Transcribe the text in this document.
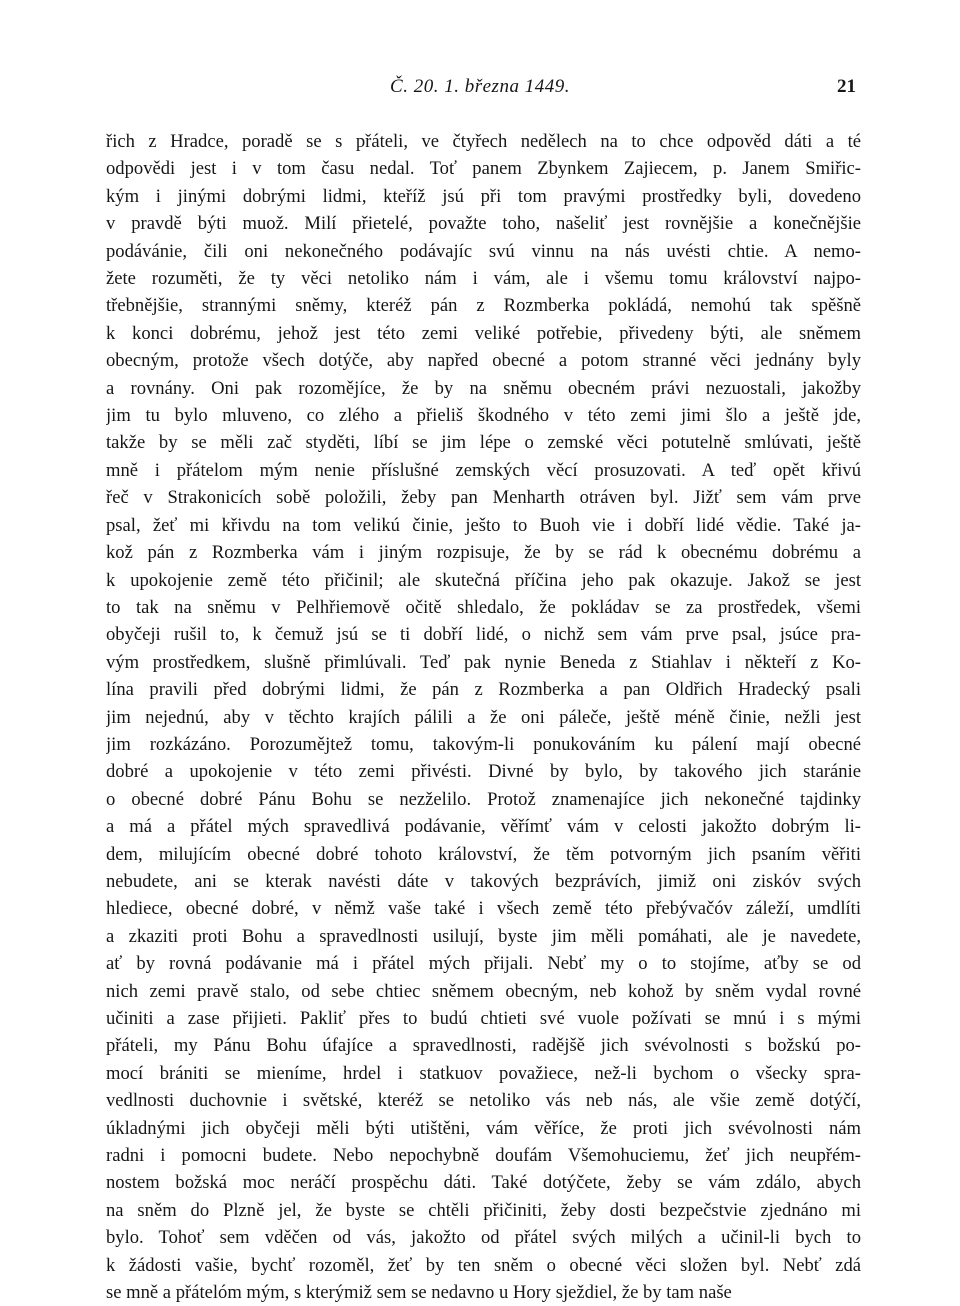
Č. 20. 1. března 1449.	21
řich z Hradce, poradě se s přáteli, ve čtyřech nedělech na to chce odpověd dáti a té
odpovědi jest i v tom času nedal. Toť panem Zbynkem Zajiecem, p. Janem Smiřic-
kým i jinými dobrými lidmi, kteříž jsú při tom pravými prostředky byli, dovedeno
v pravdě býti muož. Milí přietelé, považte toho, našeliť jest rovnějšie a konečnějšie
podávánie, čili oni nekonečného podávajíc svú vinnu na nás uvésti chtie. A nemo-
žete rozuměti, že ty věci netoliko nám i vám, ale i všemu tomu království najpo-
třebnějšie, strannými sněmy, kteréž pán z Rozmberka pokládá, nemohú tak spěšně
k konci dobrému, jehož jest této zemi veliké potřebie, přivedeny býti, ale sněmem
obecným, protože všech dotýče, aby napřed obecné a potom stranné věci jednány byly
a rovnány. Oni pak rozomějíce, že by na sněmu obecném právi nezuostali, jakožby
jim tu bylo mluveno, co zlého a přieliš škodného v této zemi jimi šlo a ještě jde,
takže by se měli zač styděti, líbí se jim lépe o zemské věci potutelně smlúvati, ještě
mně i přátelom mým nenie příslušné zemských věcí prosuzovati. A teď opět křivú
řeč v Strakonicích sobě položili, žeby pan Menharth otráven byl. Jižť sem vám prve
psal, žeť mi křivdu na tom velikú činie, ješto to Buoh vie i dobří lidé vědie. Také ja-
kož pán z Rozmberka vám i jiným rozpisuje, že by se rád k obecnému dobrému a
k upokojenie země této přičinil; ale skutečná příčina jeho pak okazuje. Jakož se jest
to tak na sněmu v Pelhřiemově očitě shledalo, že pokládav se za prostředek, všemi
obyčeji rušil to, k čemuž jsú se ti dobří lidé, o nichž sem vám prve psal, jsúce pra-
vým prostředkem, slušně přimlúvali. Teď pak nynie Beneda z Stiahlav i někteří z Ko-
lína pravili před dobrými lidmi, že pán z Rozmberka a pan Oldřich Hradecký psali
jim nejednú, aby v těchto krajích pálili a že oni páleče, ještě méně činie, nežli jest
jim rozkázáno. Porozumějtež tomu, takovým-li ponukováním ku pálení mají obecné
dobré a upokojenie v této zemi přivésti. Divné by bylo, by takového jich staránie
o obecné dobré Pánu Bohu se nezželilo. Protož znamenajíce jich nekonečné tajdinky
a má a přátel mých spravedlivá podávanie, věřímť vám v celosti jakožto dobrým li-
dem, milujícím obecné dobré tohoto království, že těm potvorným jich psaním věřiti
nebudete, ani se kterak navésti dáte v takových bezprávích, jimiž oni ziskóv svých
hlediece, obecné dobré, v němž vaše také i všech země této přebývačóv záleží, umdlíti
a zkaziti proti Bohu a spravedlnosti usilují, byste jim měli pomáhati, ale je navedete,
ať by rovná podávanie má i přátel mých přijali. Nebť my o to stojíme, aťby se od
nich zemi pravě stalo, od sebe chtiec sněmem obecným, neb kohož by sněm vydal rovné
učiniti a zase přijieti. Pakliť přes to budú chtieti své vuole požívati se mnú i s mými
přáteli, my Pánu Bohu úfajíce a spravedlnosti, radějšě jich svévolnosti s božskú po-
mocí brániti se mieníme, hrdel i statkuov považiece, než-li bychom o všecky spra-
vedlnosti duchovnie i světské, kteréž se netoliko vás neb nás, ale všie země dotýčí,
úkladnými jich obyčeji měli býti utištěni, vám věříce, že proti jich svévolnosti nám
radni i pomocni budete. Nebo nepochybně doufám Všemohuciemu, žeť jich neupřém-
nostem božská moc neráčí prospěchu dáti. Také dotýčete, žeby se vám zdálo, abych
na sněm do Plzně jel, že byste se chtěli přičiniti, žeby dosti bezpečstvie zjednáno mi
bylo. Tohoť sem vděčen od vás, jakožto od přátel svých milých a učinil-li bych to
k žádosti vašie, bychť rozoměl, žeť by ten sněm o obecné věci složen byl. Nebť zdá
se mně a přátelóm mým, s kterýmiž sem se nedavno u Hory sježdiel, že by tam naše
